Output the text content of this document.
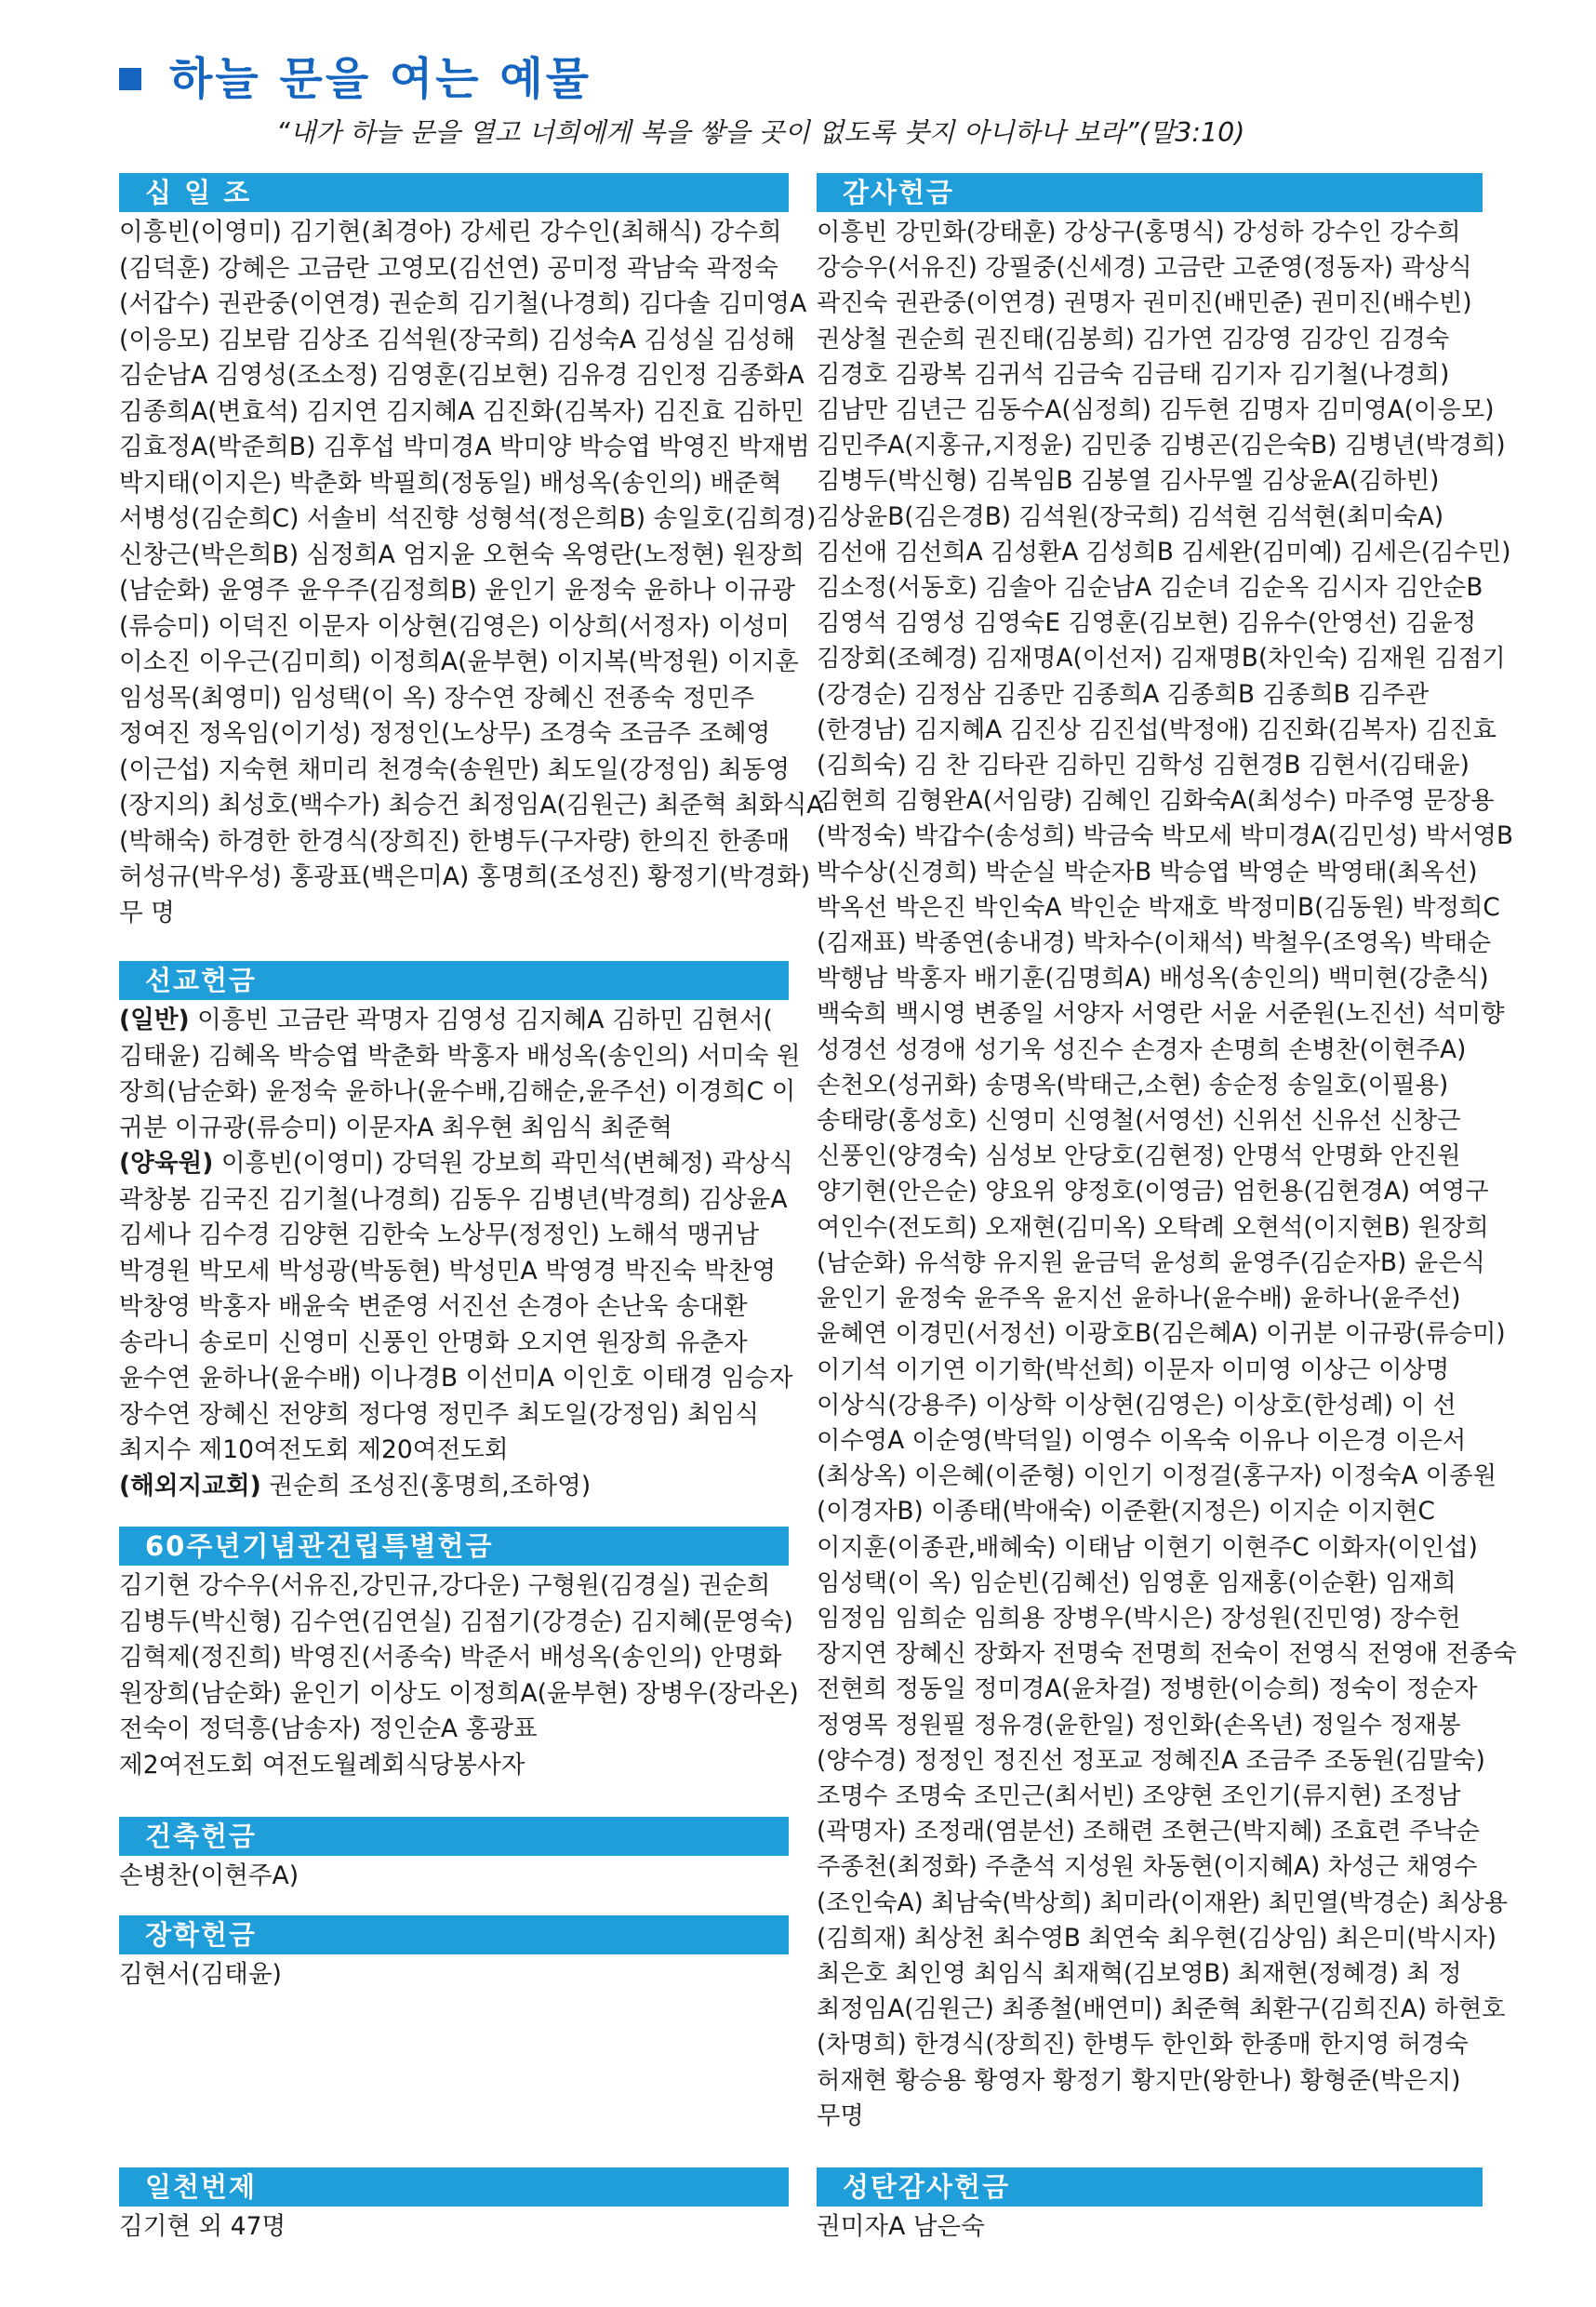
하늘 문을 여는 예물
“내가 하늘 문을 열고 너희에게 복을 쌓을 곳이 없도록 붓지 아니하나 보라”(말3:10)
십 일 조
이흥빈(이영미) 김기현(최경아) 강세린 강수인(최해식) 강수희
(김덕훈) 강혜은 고금란 고영모(김선연) 공미정 곽남숙 곽정숙
(서갑수) 권관중(이연경) 권순희 김기철(나경희) 김다솔 김미영A
(이응모) 김보람 김상조 김석원(장국희) 김성숙A 김성실 김성해
김순남A 김영성(조소정) 김영훈(김보현) 김유경 김인정 김종화A
김종희A(변효석) 김지연 김지혜A 김진화(김복자) 김진효 김하민
김효정A(박준희B) 김후섭 박미경A 박미양 박승엽 박영진 박재범
박지태(이지은) 박춘화 박필희(정동일) 배성옥(송인의) 배준혁
서병성(김순희C) 서솔비 석진향 성형석(정은희B) 송일호(김희경)
신창근(박은희B) 심정희A 엄지윤 오현숙 옥영란(노정현) 원장희
(남순화) 윤영주 윤우주(김정희B) 윤인기 윤정숙 윤하나 이규광
(류승미) 이덕진 이문자 이상현(김영은) 이상희(서정자) 이성미
이소진 이우근(김미희) 이정희A(윤부현) 이지복(박정원) 이지훈
임성목(최영미) 임성택(이 옥) 장수연 장혜신 전종숙 정민주
정여진 정옥임(이기성) 정정인(노상무) 조경숙 조금주 조혜영
(이근섭) 지숙현 채미리 천경숙(송원만) 최도일(강정임) 최동영
(장지의) 최성호(백수가) 최승건 최정임A(김원근) 최준혁 최화식A
(박해숙) 하경한 한경식(장희진) 한병두(구자량) 한의진 한종매
허성규(박우성) 홍광표(백은미A) 홍명희(조성진) 황정기(박경화)
무 명
선교헌금
(일반) 이흥빈 고금란 곽명자 김영성 김지혜A 김하민 김현서(
김태윤) 김혜옥 박승엽 박춘화 박홍자 배성옥(송인의) 서미숙 원
장희(남순화) 윤정숙 윤하나(윤수배,김해순,윤주선) 이경희C 이
귀분 이규광(류승미) 이문자A 최우현 최임식 최준혁
(양육원) 이흥빈(이영미) 강덕원 강보희 곽민석(변혜정) 곽상식
곽창봉 김국진 김기철(나경희) 김동우 김병년(박경희) 김상윤A
김세나 김수경 김양현 김한숙 노상무(정정인) 노해석 맹귀남
박경원 박모세 박성광(박동현) 박성민A 박영경 박진숙 박찬영
박창영 박홍자 배윤숙 변준영 서진선 손경아 손난욱 송대환
송라니 송로미 신영미 신풍인 안명화 오지연 원장희 유춘자
윤수연 윤하나(윤수배) 이나경B 이선미A 이인호 이태경 임승자
장수연 장혜신 전양희 정다영 정민주 최도일(강정임) 최임식
최지수 제10여전도회 제20여전도회
(해외지교회) 권순희 조성진(홍명희,조하영)
60주년기념관건립특별헌금
김기현 강수우(서유진,강민규,강다운) 구형원(김경실) 권순희
김병두(박신형) 김수연(김연실) 김점기(강경순) 김지혜(문영숙)
김혁제(정진희) 박영진(서종숙) 박준서 배성옥(송인의) 안명화
원장희(남순화) 윤인기 이상도 이정희A(윤부현) 장병우(장라온)
전숙이 정덕흥(남송자) 정인순A 홍광표
제2여전도회 여전도월례회식당봉사자
건축헌금
손병찬(이현주A)
장학헌금
김현서(김태윤)
일천번제
김기현 외 47명
감사헌금
이흥빈 강민화(강태훈) 강상구(홍명식) 강성하 강수인 강수희
강승우(서유진) 강필중(신세경) 고금란 고준영(정동자) 곽상식
곽진숙 권관중(이연경) 권명자 권미진(배민준) 권미진(배수빈)
권상철 권순희 권진태(김봉희) 김가연 김강영 김강인 김경숙
김경호 김광복 김귀석 김금숙 김금태 김기자 김기철(나경희)
김남만 김년근 김동수A(심정희) 김두현 김명자 김미영A(이응모)
김민주A(지홍규,지정윤) 김민중 김병곤(김은숙B) 김병년(박경희)
김병두(박신형) 김복임B 김봉열 김사무엘 김상윤A(김하빈)
김상윤B(김은경B) 김석원(장국희) 김석현 김석현(최미숙A)
김선애 김선희A 김성환A 김성희B 김세완(김미예) 김세은(김수민)
김소정(서동호) 김솔아 김순남A 김순녀 김순옥 김시자 김안순B
김영석 김영성 김영숙E 김영훈(김보현) 김유수(안영선) 김윤정
김장회(조혜경) 김재명A(이선저) 김재명B(차인숙) 김재원 김점기
(강경순) 김정삼 김종만 김종희A 김종희B 김종희B 김주관
(한경남) 김지혜A 김진상 김진섭(박정애) 김진화(김복자) 김진효
(김희숙) 김 찬 김타관 김하민 김학성 김현경B 김현서(김태윤)
김현희 김형완A(서임량) 김혜인 김화숙A(최성수) 마주영 문장용
(박정숙) 박갑수(송성희) 박금숙 박모세 박미경A(김민성) 박서영B
박수상(신경희) 박순실 박순자B 박승엽 박영순 박영태(최옥선)
박옥선 박은진 박인숙A 박인순 박재호 박정미B(김동원) 박정희C
(김재표) 박종연(송내경) 박차수(이채석) 박철우(조영옥) 박태순
박행남 박홍자 배기훈(김명희A) 배성옥(송인의) 백미현(강춘식)
백숙희 백시영 변종일 서양자 서영란 서윤 서준원(노진선) 석미향
성경선 성경애 성기욱 성진수 손경자 손명희 손병찬(이현주A)
손천오(성귀화) 송명옥(박태근,소현) 송순정 송일호(이필용)
송태랑(홍성호) 신영미 신영철(서영선) 신위선 신유선 신창근
신풍인(양경숙) 심성보 안당호(김현정) 안명석 안명화 안진원
양기현(안은순) 양요위 양정호(이영금) 엄헌용(김현경A) 여영구
여인수(전도희) 오재현(김미옥) 오탁례 오현석(이지현B) 원장희
(남순화) 유석향 유지원 윤금덕 윤성희 윤영주(김순자B) 윤은식
윤인기 윤정숙 윤주옥 윤지선 윤하나(윤수배) 윤하나(윤주선)
윤혜연 이경민(서정선) 이광호B(김은혜A) 이귀분 이규광(류승미)
이기석 이기연 이기학(박선희) 이문자 이미영 이상근 이상명
이상식(강용주) 이상학 이상현(김영은) 이상호(한성례) 이 선
이수영A 이순영(박덕일) 이영수 이옥숙 이유나 이은경 이은서
(최상옥) 이은혜(이준형) 이인기 이정걸(홍구자) 이정숙A 이종원
(이경자B) 이종태(박애숙) 이준환(지정은) 이지순 이지현C
이지훈(이종관,배혜숙) 이태남 이현기 이현주C 이화자(이인섭)
임성택(이 옥) 임순빈(김혜선) 임영훈 임재홍(이순환) 임재희
임정임 임희순 임희용 장병우(박시은) 장성원(진민영) 장수헌
장지연 장혜신 장화자 전명숙 전명희 전숙이 전영식 전영애 전종숙
전현희 정동일 정미경A(윤차걸) 정병한(이승희) 정숙이 정순자
정영목 정원필 정유경(윤한일) 정인화(손옥년) 정일수 정재봉
(양수경) 정정인 정진선 정포교 정혜진A 조금주 조동원(김말숙)
조명수 조명숙 조민근(최서빈) 조양현 조인기(류지현) 조정남
(곽명자) 조정래(염분선) 조해련 조현근(박지혜) 조효련 주낙순
주종천(최정화) 주춘석 지성원 차동현(이지혜A) 차성근 채영수
(조인숙A) 최남숙(박상희) 최미라(이재완) 최민열(박경순) 최상용
(김희재) 최상천 최수영B 최연숙 최우현(김상임) 최은미(박시자)
최은호 최인영 최임식 최재혁(김보영B) 최재현(정혜경) 최 정
최정임A(김원근) 최종철(배연미) 최준혁 최환구(김희진A) 하현호
(차명희) 한경식(장희진) 한병두 한인화 한종매 한지영 허경숙
허재현 황승용 황영자 황정기 황지만(왕한나) 황형준(박은지)
무명
성탄감사헌금
권미자A 남은숙
